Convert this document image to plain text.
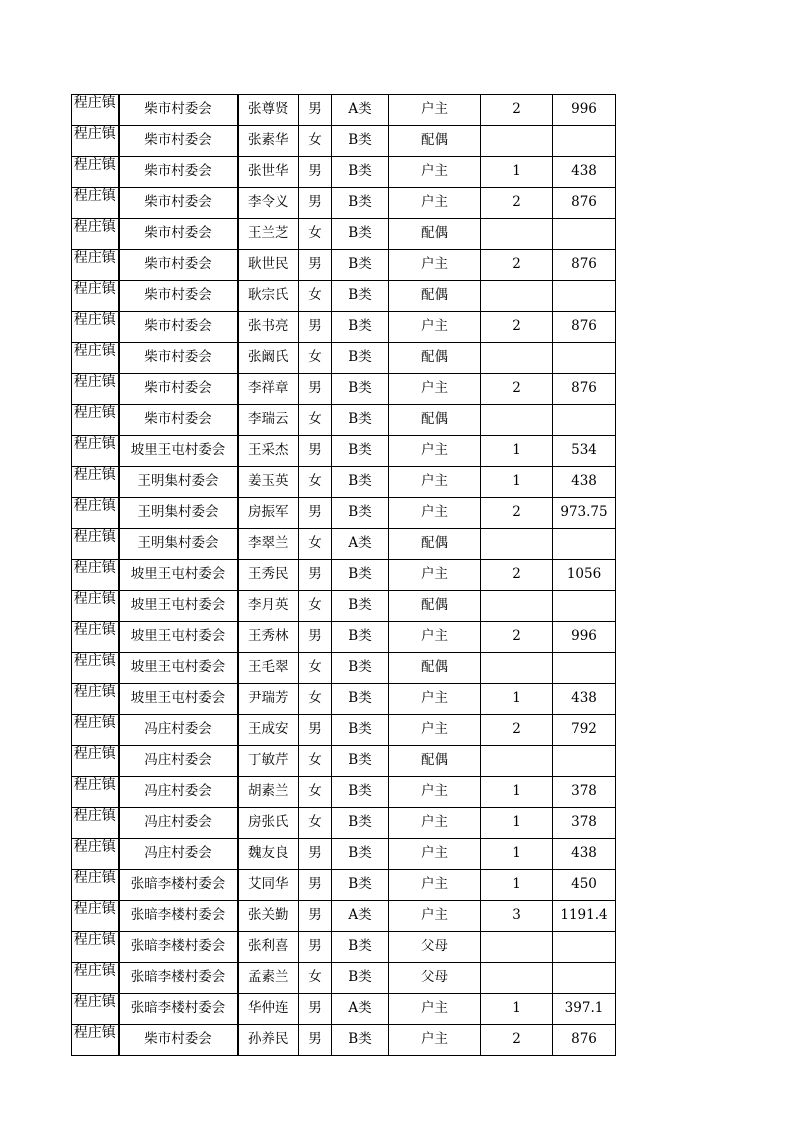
程庄镇	柴市村委会	张尊贤	男	A类	户主	2	996
程庄镇	柴市村委会	张素华	女	B类	配偶		
程庄镇	柴市村委会	张世华	男	B类	户主	1	438
程庄镇	柴市村委会	李令义	男	B类	户主	2	876
程庄镇	柴市村委会	王兰芝	女	B类	配偶		
程庄镇	柴市村委会	耿世民	男	B类	户主	2	876
程庄镇	柴市村委会	耿宗氏	女	B类	配偶		
程庄镇	柴市村委会	张书亮	男	B类	户主	2	876
程庄镇	柴市村委会	张阚氏	女	B类	配偶		
程庄镇	柴市村委会	李祥章	男	B类	户主	2	876
程庄镇	柴市村委会	李瑞云	女	B类	配偶		
程庄镇	坡里王屯村委会	王采杰	男	B类	户主	1	534
程庄镇	王明集村委会	姜玉英	女	B类	户主	1	438
程庄镇	王明集村委会	房振军	男	B类	户主	2	973.75
程庄镇	王明集村委会	李翠兰	女	A类	配偶		
程庄镇	坡里王屯村委会	王秀民	男	B类	户主	2	1056
程庄镇	坡里王屯村委会	李月英	女	B类	配偶		
程庄镇	坡里王屯村委会	王秀林	男	B类	户主	2	996
程庄镇	坡里王屯村委会	王毛翠	女	B类	配偶		
程庄镇	坡里王屯村委会	尹瑞芳	女	B类	户主	1	438
程庄镇	冯庄村委会	王成安	男	B类	户主	2	792
程庄镇	冯庄村委会	丁敏芹	女	B类	配偶		
程庄镇	冯庄村委会	胡素兰	女	B类	户主	1	378
程庄镇	冯庄村委会	房张氏	女	B类	户主	1	378
程庄镇	冯庄村委会	魏友良	男	B类	户主	1	438
程庄镇	张暗李楼村委会	艾同华	男	B类	户主	1	450
程庄镇	张暗李楼村委会	张关勤	男	A类	户主	3	1191.4
程庄镇	张暗李楼村委会	张利喜	男	B类	父母		
程庄镇	张暗李楼村委会	孟素兰	女	B类	父母		
程庄镇	张暗李楼村委会	华仲连	男	A类	户主	1	397.1
程庄镇	柴市村委会	孙养民	男	B类	户主	2	876
